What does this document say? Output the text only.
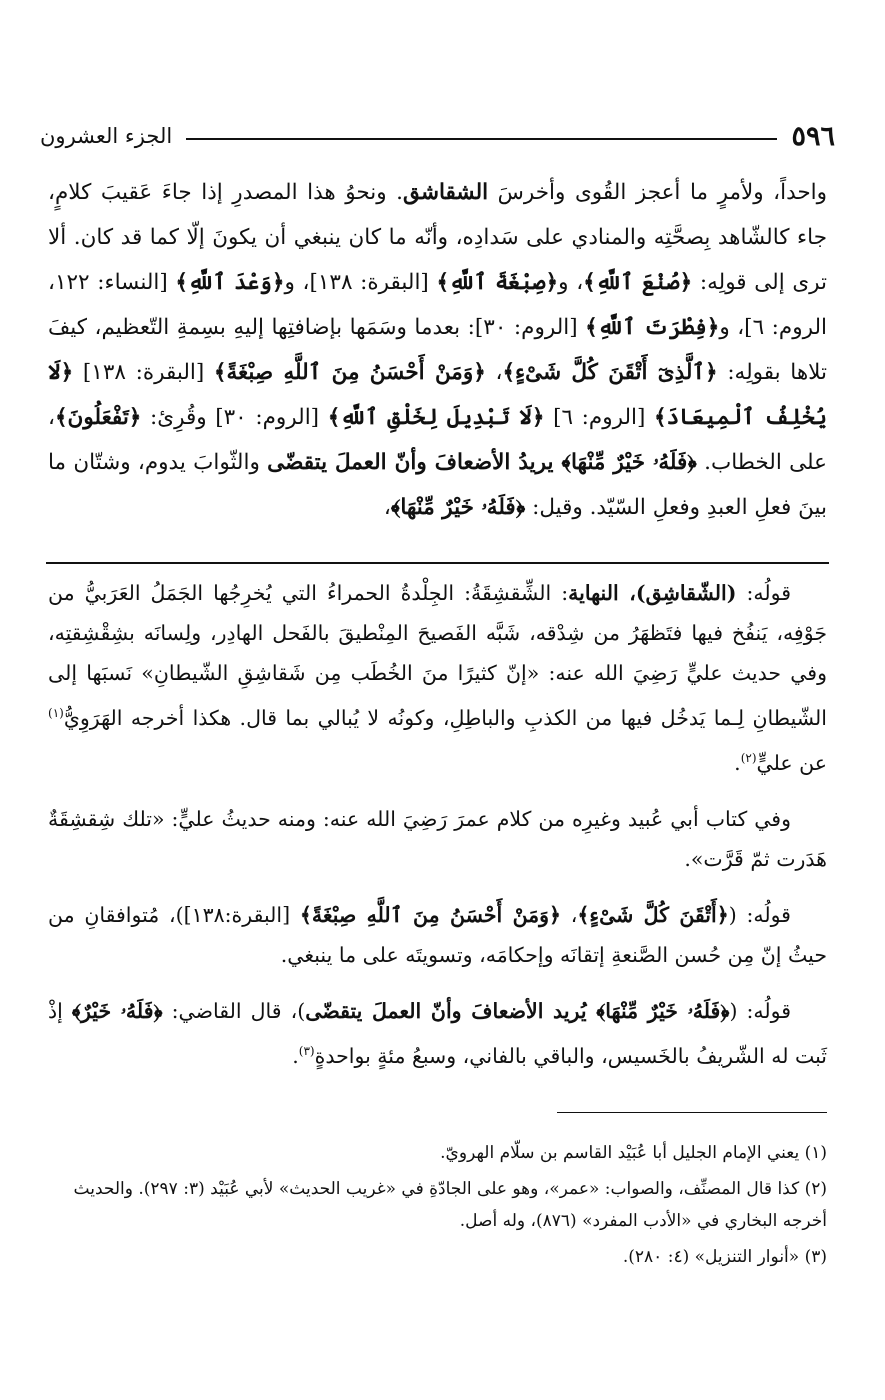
٥٩٦
الجزء العشرون

واحداً، ولأمرٍ ما أعجز القُوى وأخرسَ الشقاشق. ونحوُ هذا المصدرِ إذا جاءَ عَقيبَ كلامٍ، جاء كالشّاهد بِصحَّتِه والمنادي على سَدادِه، وأنّه ما كان ينبغي أن يكونَ إلّا كما قد كان. ألا ترى إلى قولِه: ﴿صُنْعَ ٱللَّهِ﴾، و﴿صِبْغَةَ ٱللَّهِ﴾ [البقرة: ١٣٨]، و﴿وَعْدَ ٱللَّهِ﴾ [النساء: ١٢٢، الروم: ٦]، و﴿فِطْرَتَ ٱللَّهِ﴾ [الروم: ٣٠]: بعدما وسَمَها بإضافتِها إليهِ بسِمةِ التّعظيم، كيفَ تلاها بقولِه: ﴿ٱلَّذِىٓ أَتْقَنَ كُلَّ شَىْءٍ﴾، ﴿وَمَنْ أَحْسَنُ مِنَ ٱللَّهِ صِبْغَةً﴾ [البقرة: ١٣٨] ﴿لَا يُخْلِفُ ٱلْمِيعَادَ﴾ [الروم: ٦] ﴿لَا تَبْدِيلَ لِخَلْقِ ٱللَّهِ﴾ [الروم: ٣٠] وقُرِئ: ﴿تَفْعَلُونَ﴾، على الخطاب. ﴿فَلَهُۥ خَيْرٌ مِّنْهَا﴾ يريدُ الأضعافَ وأنّ العملَ يتقضّى والثّوابَ يدوم، وشتّان ما بينَ فعلِ العبدِ وفعلِ السّيّد. وقيل: ﴿فَلَهُۥ خَيْرٌ مِّنْهَا﴾،

قولُه: (الشّقاشِق)، النهاية: الشِّقشِقَةُ: الجِلْدةُ الحمراءُ التي يُخرِجُها الجَمَلُ العَرَبيُّ من جَوْفِه، يَنفُخ فيها فتَظهَرُ من شِدْقه، شَبَّه الفَصيحَ المِنْطيقَ بالفَحل الهادِر، ولِسانَه بشِقْشِقتِه، وفي حديث عليٍّ رَضِيَ الله عنه: «إنّ كثيرًا منَ الخُطَب مِن شَقاشِقِ الشّيطانِ» نَسبَها إلى الشّيطانِ لِـما يَدخُل فيها من الكذبِ والباطِلِ، وكونُه لا يُبالي بما قال. هكذا أخرجه الهَرَوِيُّ$^{(١)}$ عن عليٍّ$^{(٢)}$.

وفي كتاب أبي عُبيد وغيرِه من كلام عمرَ رَضِيَ الله عنه: ومنه حديثُ عليٍّ: «تلك شِقشِقَةٌ هَدَرت ثمّ قَرَّت».

قولُه: (﴿أَتْقَنَ كُلَّ شَىْءٍ﴾، ﴿وَمَنْ أَحْسَنُ مِنَ ٱللَّهِ صِبْغَةً﴾ [البقرة:١٣٨])، مُتوافقانِ من حيثُ إنّ مِن حُسن الصَّنعةِ إتقانَه وإحكامَه، وتسويتَه على ما ينبغي.

قولُه: (﴿فَلَهُۥ خَيْرٌ مِّنْهَا﴾ يُريد الأضعافَ وأنّ العملَ يتقضّى)، قال القاضي: ﴿فَلَهُۥ خَيْرٌ﴾ إذْ ثَبت له الشّريفُ بالخَسيس، والباقي بالفاني، وسبعُ مئةٍ بواحدةٍ$^{(٣)}$.

(١) يعني الإمام الجليل أبا عُبَيْد القاسم بن سلّام الهرويّ.

(٢) كذا قال المصنِّف، والصواب: «عمر»، وهو على الجادّةِ في «غريب الحديث» لأبي عُبَيْد (٣: ٢٩٧). والحديث أخرجه البخاري في «الأدب المفرد» (٨٧٦)، وله أصل.

(٣) «أنوار التنزيل» (٤: ٢٨٠).
